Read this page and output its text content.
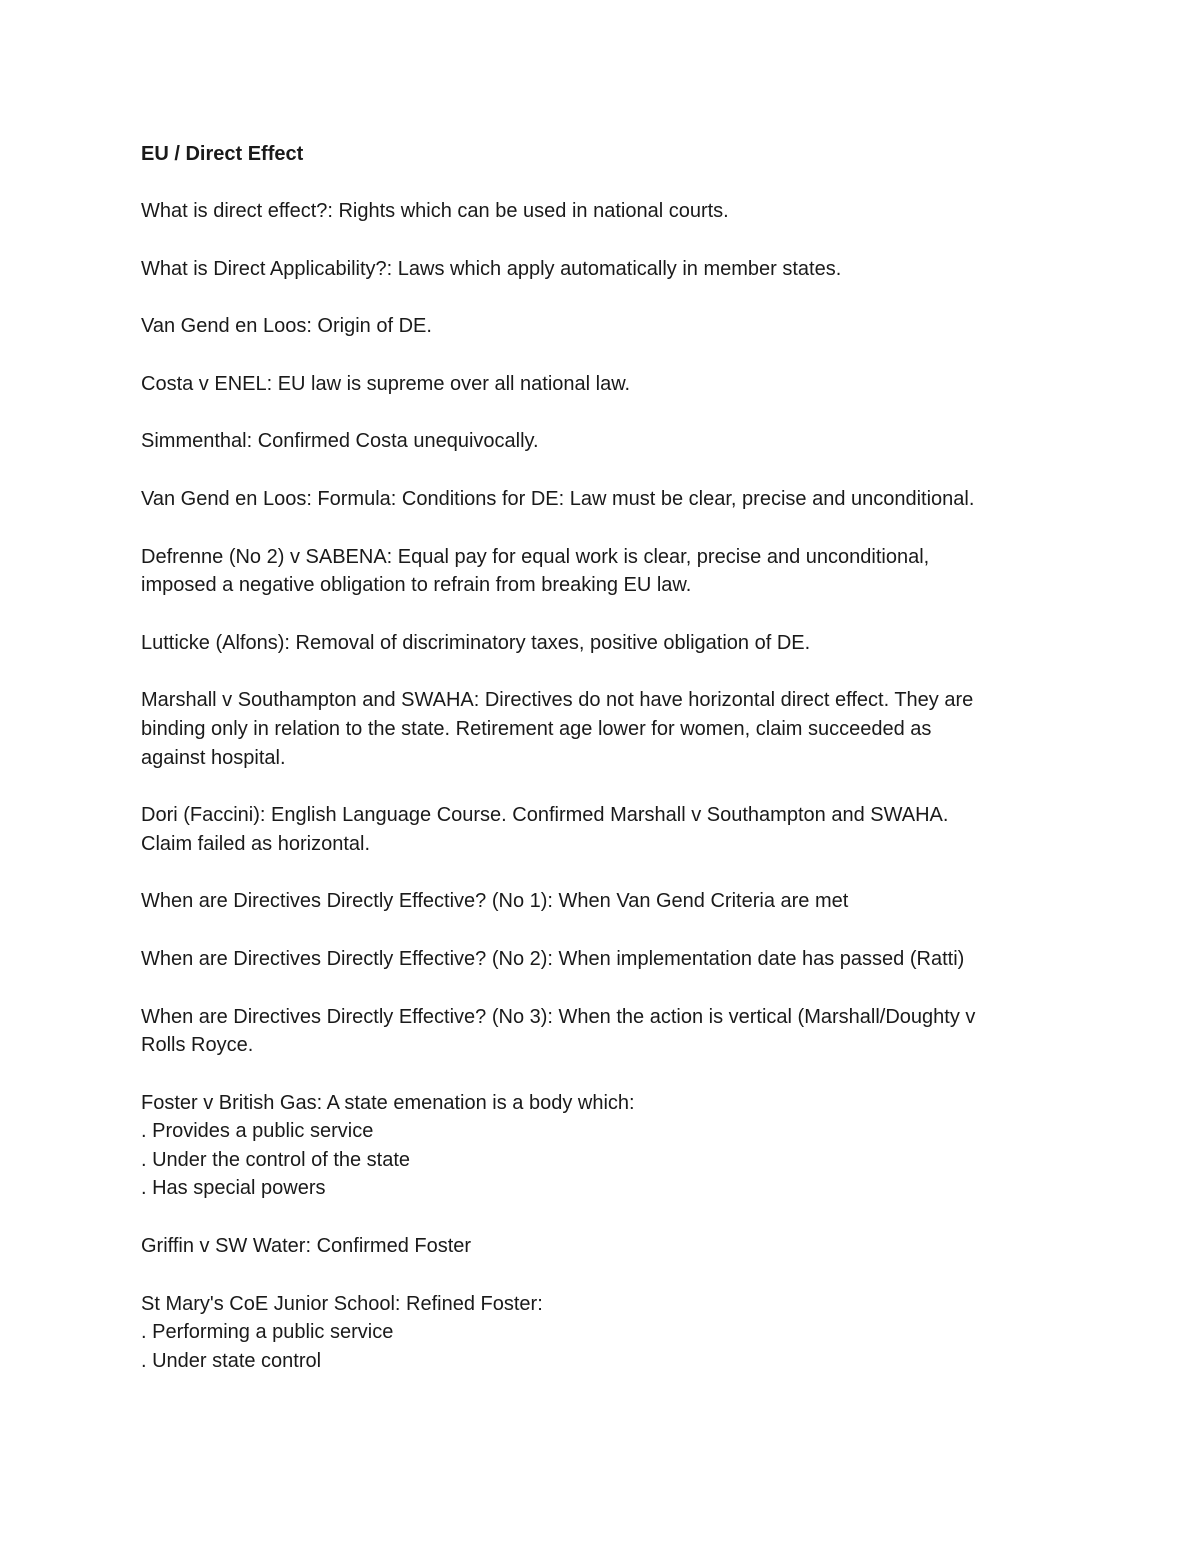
EU / Direct Effect
What is direct effect?: Rights which can be used in national courts.
What is Direct Applicability?: Laws which apply automatically in member states.
Van Gend en Loos: Origin of DE.
Costa v ENEL: EU law is supreme over all national law.
Simmenthal: Confirmed Costa unequivocally.
Van Gend en Loos: Formula: Conditions for DE: Law must be clear, precise and unconditional.
Defrenne (No 2) v SABENA: Equal pay for equal work is clear, precise and unconditional,
imposed a negative obligation to refrain from breaking EU law.
Lutticke (Alfons): Removal of discriminatory taxes, positive obligation of DE.
Marshall v Southampton and SWAHA: Directives do not have horizontal direct effect. They are
binding only in relation to the state. Retirement age lower for women, claim succeeded as
against hospital.
Dori (Faccini): English Language Course. Confirmed Marshall v Southampton and SWAHA.
Claim failed as horizontal.
When are Directives Directly Effective? (No 1): When Van Gend Criteria are met
When are Directives Directly Effective? (No 2): When implementation date has passed (Ratti)
When are Directives Directly Effective? (No 3): When the action is vertical (Marshall/Doughty v
Rolls Royce.
Foster v British Gas: A state emenation is a body which:
. Provides a public service
. Under the control of the state
. Has special powers
Griffin v SW Water: Confirmed Foster
St Mary's CoE Junior School: Refined Foster:
. Performing a public service
. Under state control
